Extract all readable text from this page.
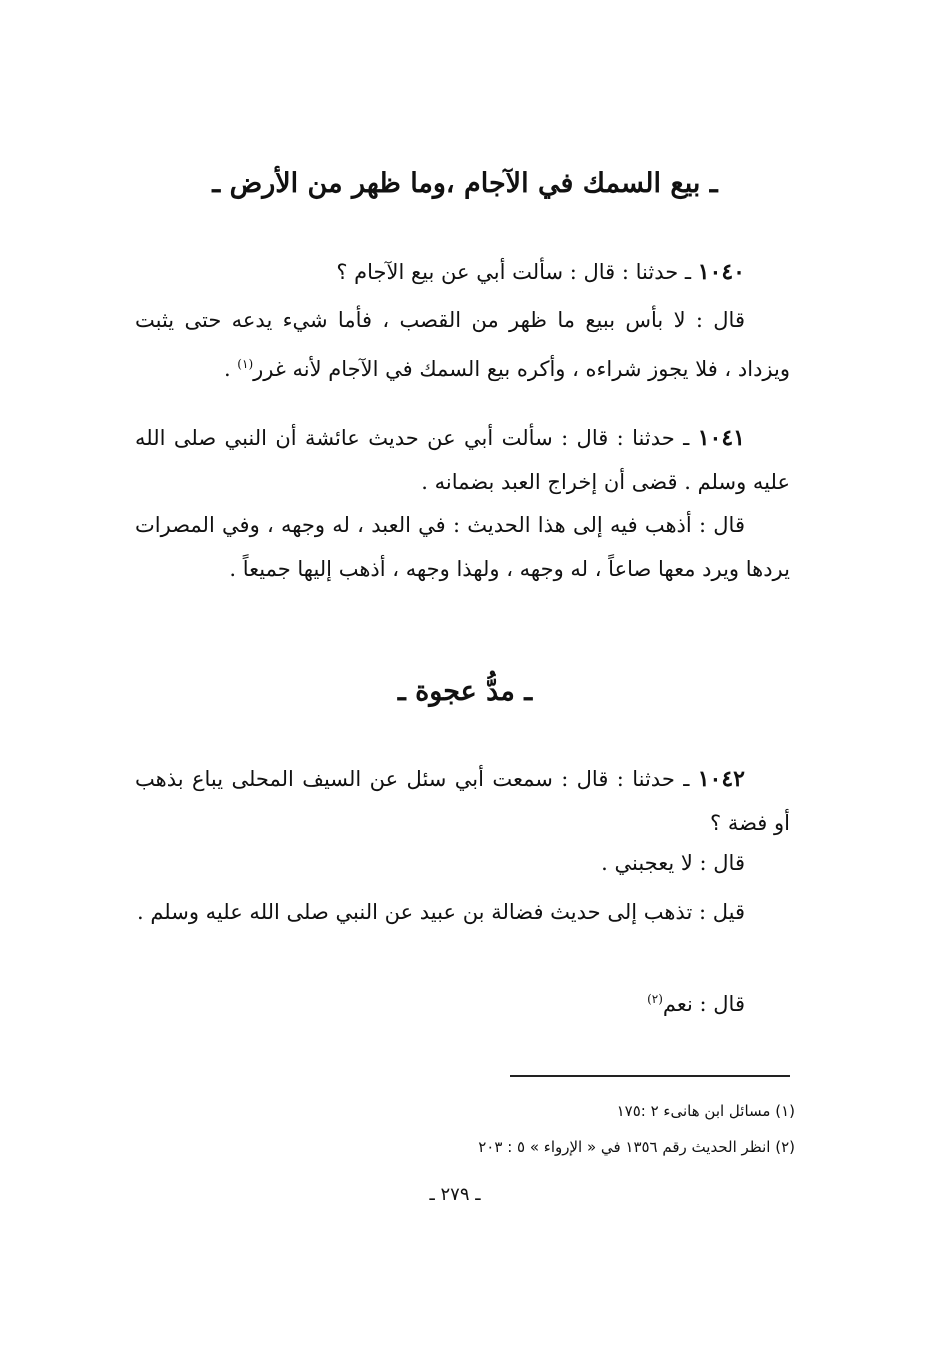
ـ بيع السمك في الآجام ،وما ظهر من الأرض ـ
١٠٤٠ ـ حدثنا : قال : سألت أبي عن بيع الآجام ؟
قال : لا بأس ببيع ما ظهر من القصب ، فأما شيء يدعه حتى يثبت ويزداد ، فلا يجوز شراءه ، وأكره بيع السمك في الآجام لأنه غرر$^{(١)}$ .
١٠٤١ ـ حدثنا : قال : سألت أبي عن حديث عائشة أن النبي صلى الله عليه وسلم . قضى أن إخراج العبد بضمانه .
قال : أذهب فيه إلى هذا الحديث : في العبد ، له وجهه ، وفي المصرات يردها ويرد معها صاعاً ، له وجهه ، ولهذا وجهه ، أذهب إليها جميعاً .
ـ مدُّ عجوة ـ
١٠٤٢ ـ حدثنا : قال : سمعت أبي سئل عن السيف المحلى يباع بذهب أو فضة ؟
قال : لا يعجبني .
قيل : تذهب إلى حديث فضالة بن عبيد عن النبي صلى الله عليه وسلم .
قال : نعم$^{(٢)}$
(١) مسائل ابن هانىء ٢ :١٧٥
(٢) انظر الحديث رقم ١٣٥٦ في « الإرواء » ٥ : ٢٠٣
ـ ٢٧٩ ـ
